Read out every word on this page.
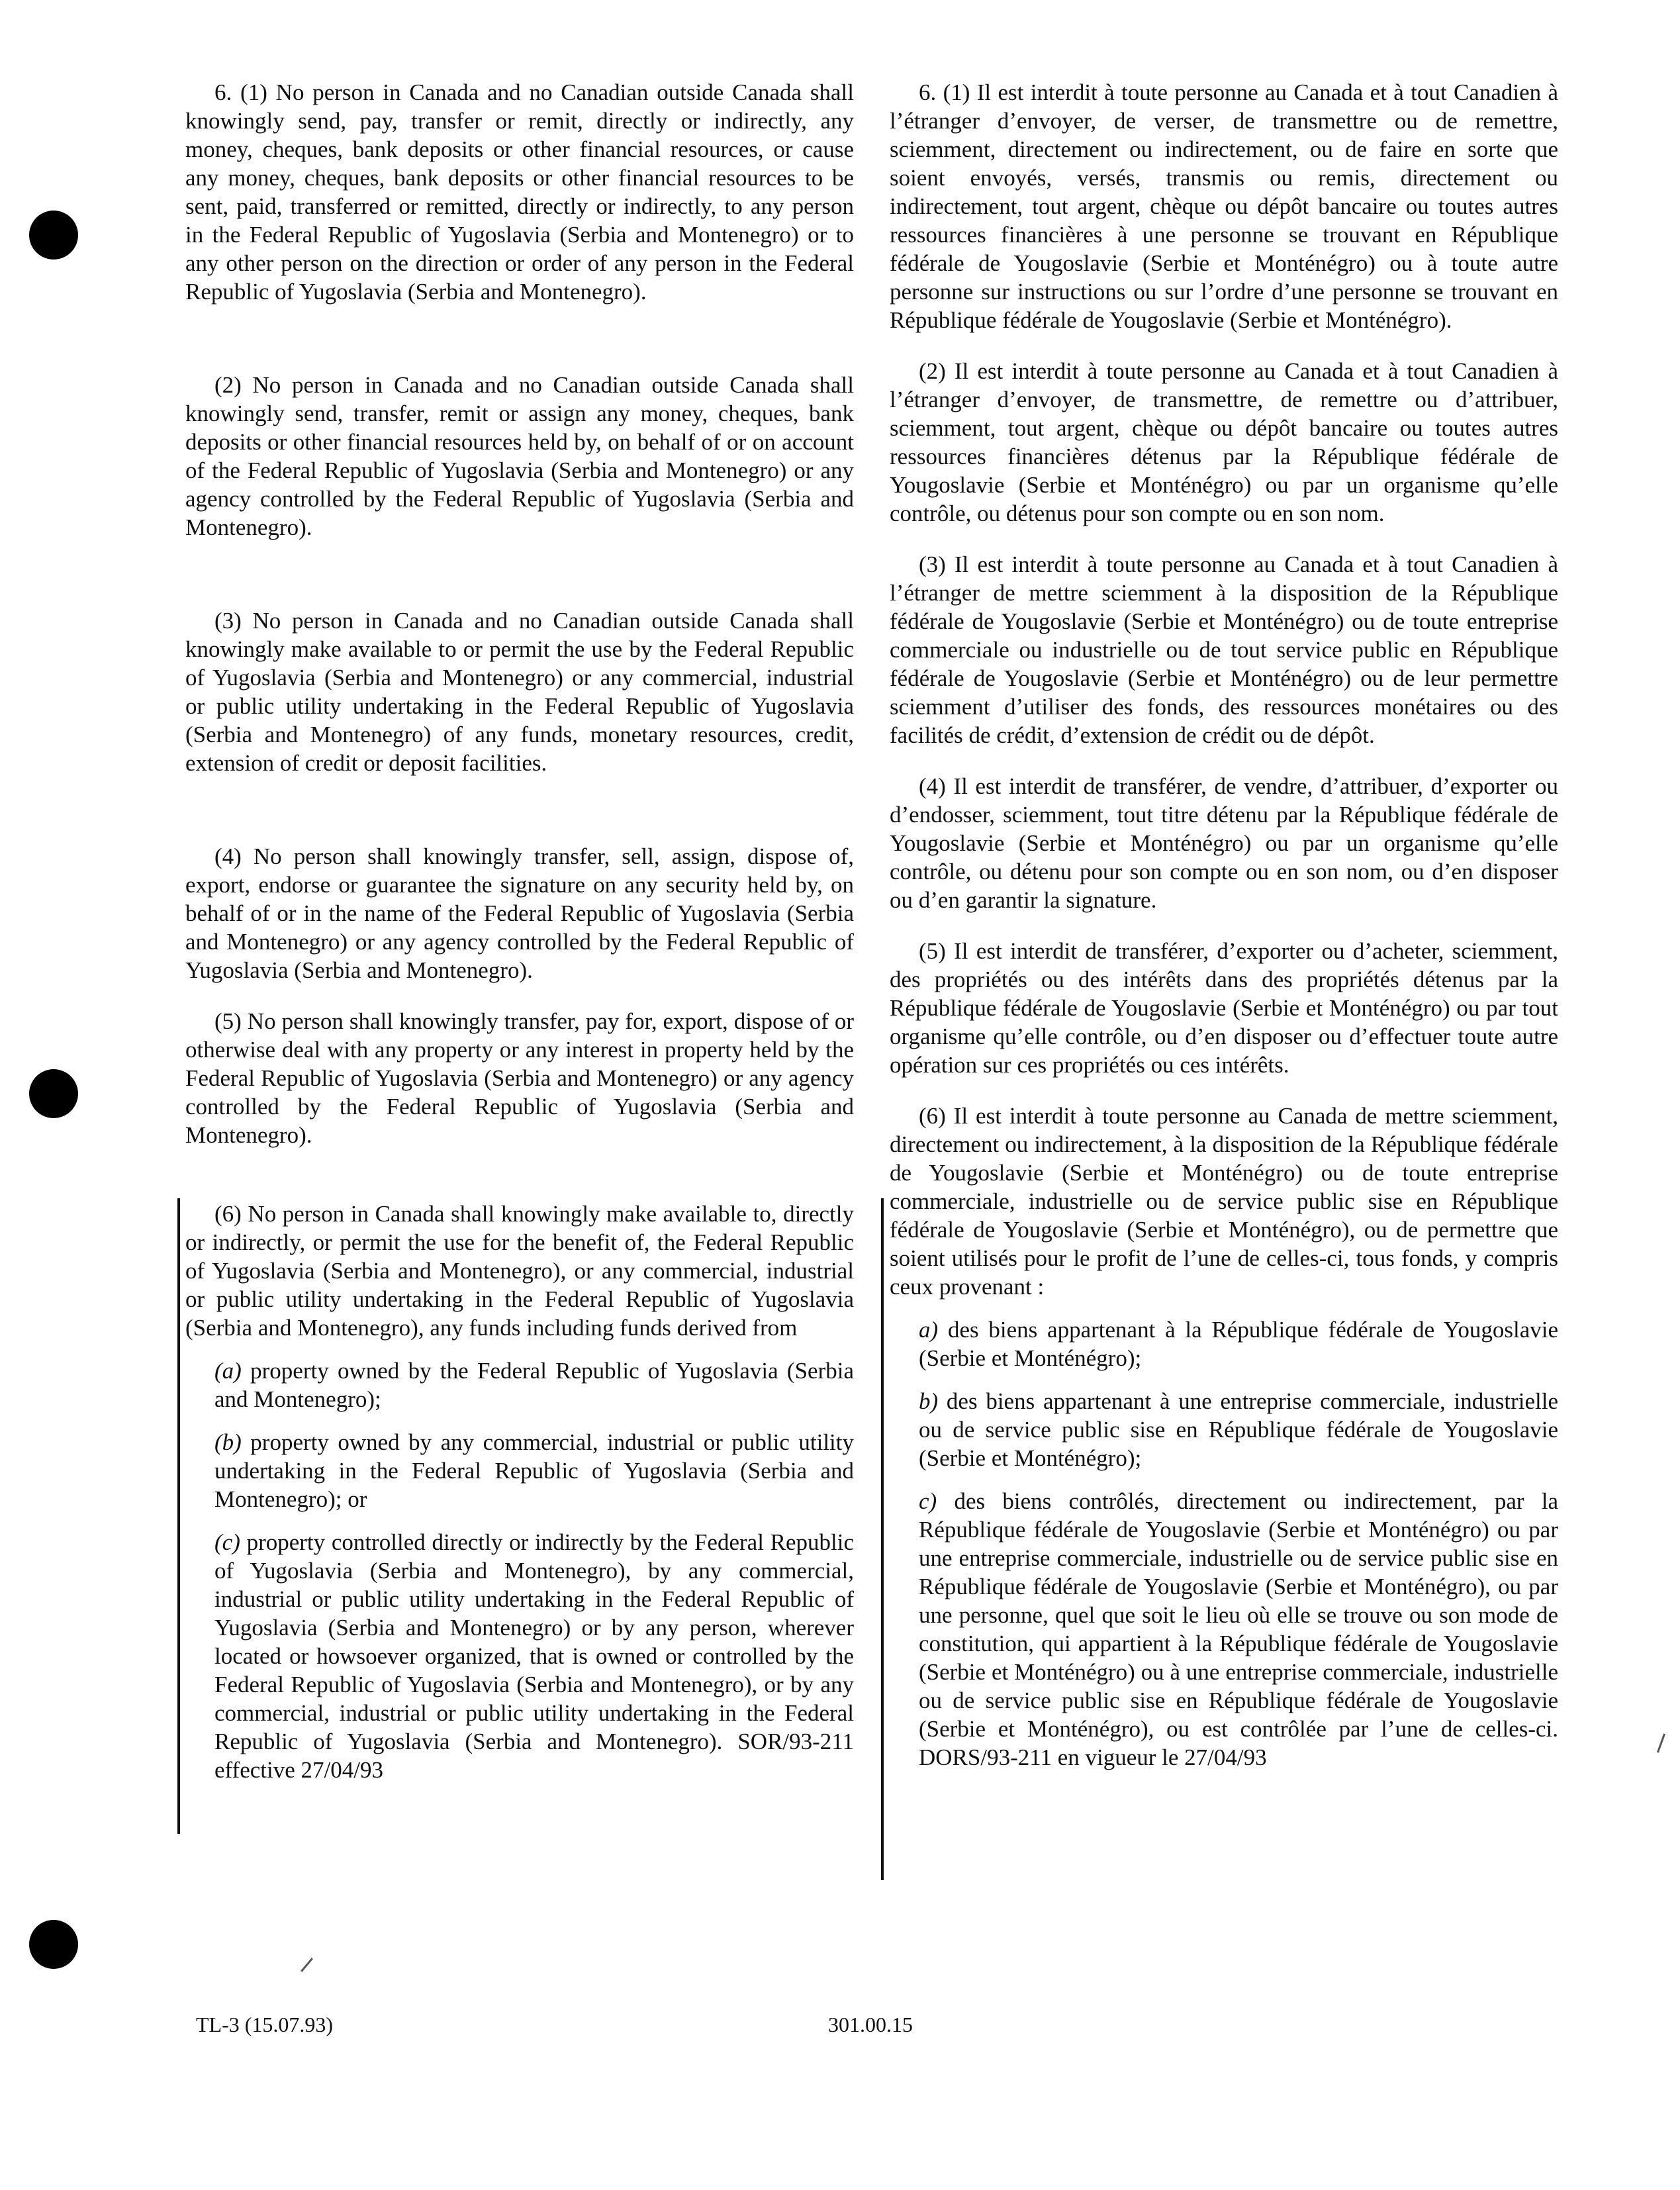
6. (1) No person in Canada and no Canadian outside Canada shall knowingly send, pay, transfer or remit, directly or indirectly, any money, cheques, bank deposits or other financial resources, or cause any money, cheques, bank deposits or other financial resources to be sent, paid, transferred or remitted, directly or indirectly, to any person in the Federal Republic of Yugoslavia (Serbia and Montenegro) or to any other person on the direction or order of any person in the Federal Republic of Yugoslavia (Serbia and Montenegro).

(2) No person in Canada and no Canadian outside Canada shall knowingly send, transfer, remit or assign any money, cheques, bank deposits or other financial resources held by, on behalf of or on account of the Federal Republic of Yugoslavia (Serbia and Montenegro) or any agency controlled by the Federal Republic of Yugoslavia (Serbia and Montenegro).

(3) No person in Canada and no Canadian outside Canada shall knowingly make available to or permit the use by the Federal Republic of Yugoslavia (Serbia and Montenegro) or any commercial, industrial or public utility undertaking in the Federal Republic of Yugoslavia (Serbia and Montenegro) of any funds, monetary resources, credit, extension of credit or deposit facilities.

(4) No person shall knowingly transfer, sell, assign, dispose of, export, endorse or guarantee the signature on any security held by, on behalf of or in the name of the Federal Republic of Yugoslavia (Serbia and Montenegro) or any agency controlled by the Federal Republic of Yugoslavia (Serbia and Montenegro).

(5) No person shall knowingly transfer, pay for, export, dispose of or otherwise deal with any property or any interest in property held by the Federal Republic of Yugoslavia (Serbia and Montenegro) or any agency controlled by the Federal Republic of Yugoslavia (Serbia and Montenegro).

(6) No person in Canada shall knowingly make available to, directly or indirectly, or permit the use for the benefit of, the Federal Republic of Yugoslavia (Serbia and Montenegro), or any commercial, industrial or public utility undertaking in the Federal Republic of Yugoslavia (Serbia and Montenegro), any funds including funds derived from

(a) property owned by the Federal Republic of Yugoslavia (Serbia and Montenegro);

(b) property owned by any commercial, industrial or public utility undertaking in the Federal Republic of Yugoslavia (Serbia and Montenegro); or

(c) property controlled directly or indirectly by the Federal Republic of Yugoslavia (Serbia and Montenegro), by any commercial, industrial or public utility undertaking in the Federal Republic of Yugoslavia (Serbia and Montenegro) or by any person, wherever located or howsoever organized, that is owned or controlled by the Federal Republic of Yugoslavia (Serbia and Montenegro), or by any commercial, industrial or public utility undertaking in the Federal Republic of Yugoslavia (Serbia and Montenegro). SOR/93-211 effective 27/04/93

6. (1) Il est interdit à toute personne au Canada et à tout Canadien à l’étranger d’envoyer, de verser, de transmettre ou de remettre, sciemment, directement ou indirectement, ou de faire en sorte que soient envoyés, versés, transmis ou remis, directement ou indirectement, tout argent, chèque ou dépôt bancaire ou toutes autres ressources financières à une personne se trouvant en République fédérale de Yougoslavie (Serbie et Monténégro) ou à toute autre personne sur instructions ou sur l’ordre d’une personne se trouvant en République fédérale de Yougoslavie (Serbie et Monténégro).

(2) Il est interdit à toute personne au Canada et à tout Canadien à l’étranger d’envoyer, de transmettre, de remettre ou d’attribuer, sciemment, tout argent, chèque ou dépôt bancaire ou toutes autres ressources financières détenus par la République fédérale de Yougoslavie (Serbie et Monténégro) ou par un organisme qu’elle contrôle, ou détenus pour son compte ou en son nom.

(3) Il est interdit à toute personne au Canada et à tout Canadien à l’étranger de mettre sciemment à la disposition de la République fédérale de Yougoslavie (Serbie et Monténégro) ou de toute entreprise commerciale ou industrielle ou de tout service public en République fédérale de Yougoslavie (Serbie et Monténégro) ou de leur permettre sciemment d’utiliser des fonds, des ressources monétaires ou des facilités de crédit, d’extension de crédit ou de dépôt.

(4) Il est interdit de transférer, de vendre, d’attribuer, d’exporter ou d’endosser, sciemment, tout titre détenu par la République fédérale de Yougoslavie (Serbie et Monténégro) ou par un organisme qu’elle contrôle, ou détenu pour son compte ou en son nom, ou d’en disposer ou d’en garantir la signature.

(5) Il est interdit de transférer, d’exporter ou d’acheter, sciemment, des propriétés ou des intérêts dans des propriétés détenus par la République fédérale de Yougoslavie (Serbie et Monténégro) ou par tout organisme qu’elle contrôle, ou d’en disposer ou d’effectuer toute autre opération sur ces propriétés ou ces intérêts.

(6) Il est interdit à toute personne au Canada de mettre sciemment, directement ou indirectement, à la disposition de la République fédérale de Yougoslavie (Serbie et Monténégro) ou de toute entreprise commerciale, industrielle ou de service public sise en République fédérale de Yougoslavie (Serbie et Monténégro), ou de permettre que soient utilisés pour le profit de l’une de celles-ci, tous fonds, y compris ceux provenant :

a) des biens appartenant à la République fédérale de Yougoslavie (Serbie et Monténégro);

b) des biens appartenant à une entreprise commerciale, industrielle ou de service public sise en République fédérale de Yougoslavie (Serbie et Monténégro);

c) des biens contrôlés, directement ou indirectement, par la République fédérale de Yougoslavie (Serbie et Monténégro) ou par une entreprise commerciale, industrielle ou de service public sise en République fédérale de Yougoslavie (Serbie et Monténégro), ou par une personne, quel que soit le lieu où elle se trouve ou son mode de constitution, qui appartient à la République fédérale de Yougoslavie (Serbie et Monténégro) ou à une entreprise commerciale, industrielle ou de service public sise en République fédérale de Yougoslavie (Serbie et Monténégro), ou est contrôlée par l’une de celles-ci. DORS/93-211 en vigueur le 27/04/93

TL-3 (15.07.93)	301.00.15
